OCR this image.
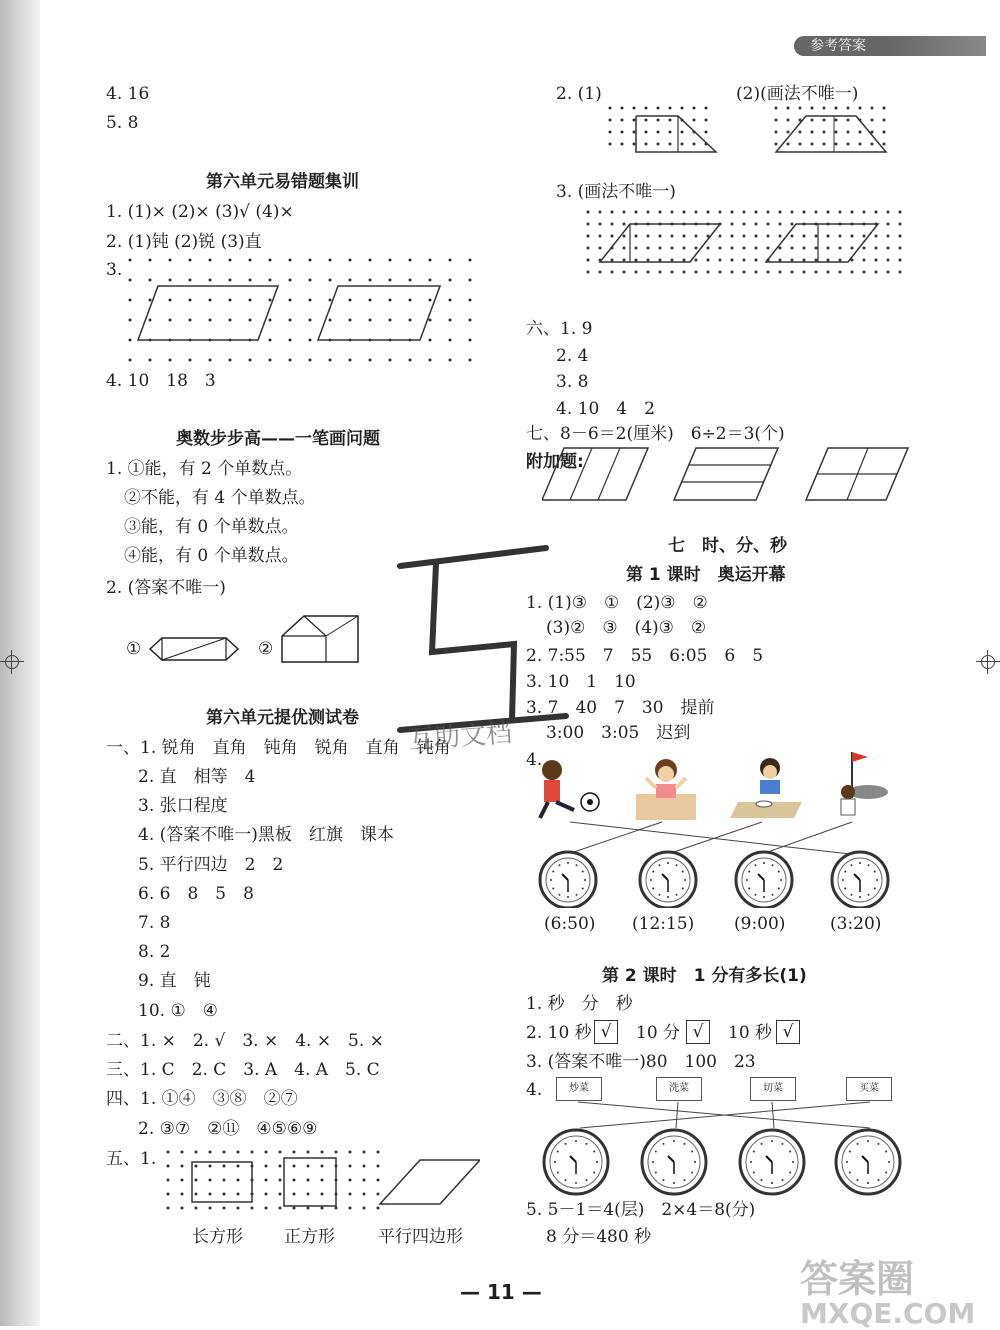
参考答案
4. 16
5. 8
第六单元易错题集训
1. (1)× (2)× (3)√ (4)×
2. (1)钝 (2)锐 (3)直
3.
4. 10　18　3
奥数步步高——一笔画问题
1. ①能，有 2 个单数点。
②不能，有 4 个单数点。
③能，有 0 个单数点。
④能，有 0 个单数点。
2. (答案不唯一)
①	②
第六单元提优测试卷
一、1. 锐角　直角　钝角　锐角　直角　钝角
2. 直　相等　4
3. 张口程度
4. (答案不唯一)黑板　红旗　课本
5. 平行四边　2　2
6. 6　8　5　8
7. 8
8. 2
9. 直　钝
10. ①　④
二、1. ×　2. √　3. ×　4. ×　5. ×
三、1. C　2. C　3. A　4. A　5. C
四、1. ①④　③⑧　②⑦
2. ③⑦　②⑪　④⑤⑥⑨
五、1.
长方形 正方形	平行四边形
2. (1)	(2)(画法不唯一)
3. (画法不唯一)
六、1. 9
2. 4
3. 8
4. 10　4　2
七、8－6＝2(厘米)　6÷2＝3(个)
附加题:
七　时、分、秒
第 1 课时　奥运开幕
1. (1)③　①　(2)③　②
(3)②　③　(4)③　②
2. 7:55　7　55　6:05　6　5
3. 10　1　10
3. 7　40　7　30　提前
3:00　3:05　迟到
4.
(6:50) (12:15) (9:00)	(3:20)
第 2 课时　1 分有多长(1)
1. 秒　分　秒
2. 10 秒 √	10 分 √	10 秒 √
3. (答案不唯一)80　100　23
4.	炒菜	洗菜	切菜	买菜
5. 5－1＝4(层)　2×4＝8(分)
8 分＝480 秒
互助文档
— 11 —	答案圈
MXQE.COM
